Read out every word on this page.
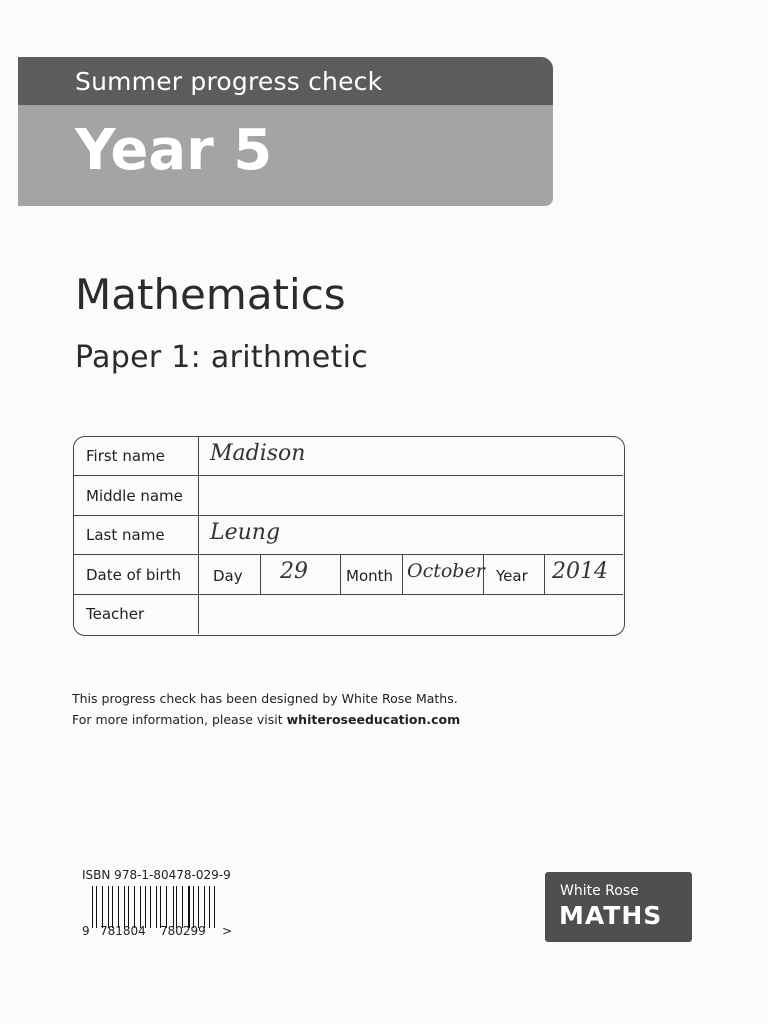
Summer progress check
Year 5
Mathematics
Paper 1: arithmetic
First name
Middle name
Last name
Date of birth
Teacher
Madison
Leung
Day 29	Month October Year 2014
This progress check has been designed by White Rose Maths.
For more information, please visit whiteroseeducation.com
ISBN 978-1-80478-029-9
9 781804 780299 >
White Rose
MATHS
